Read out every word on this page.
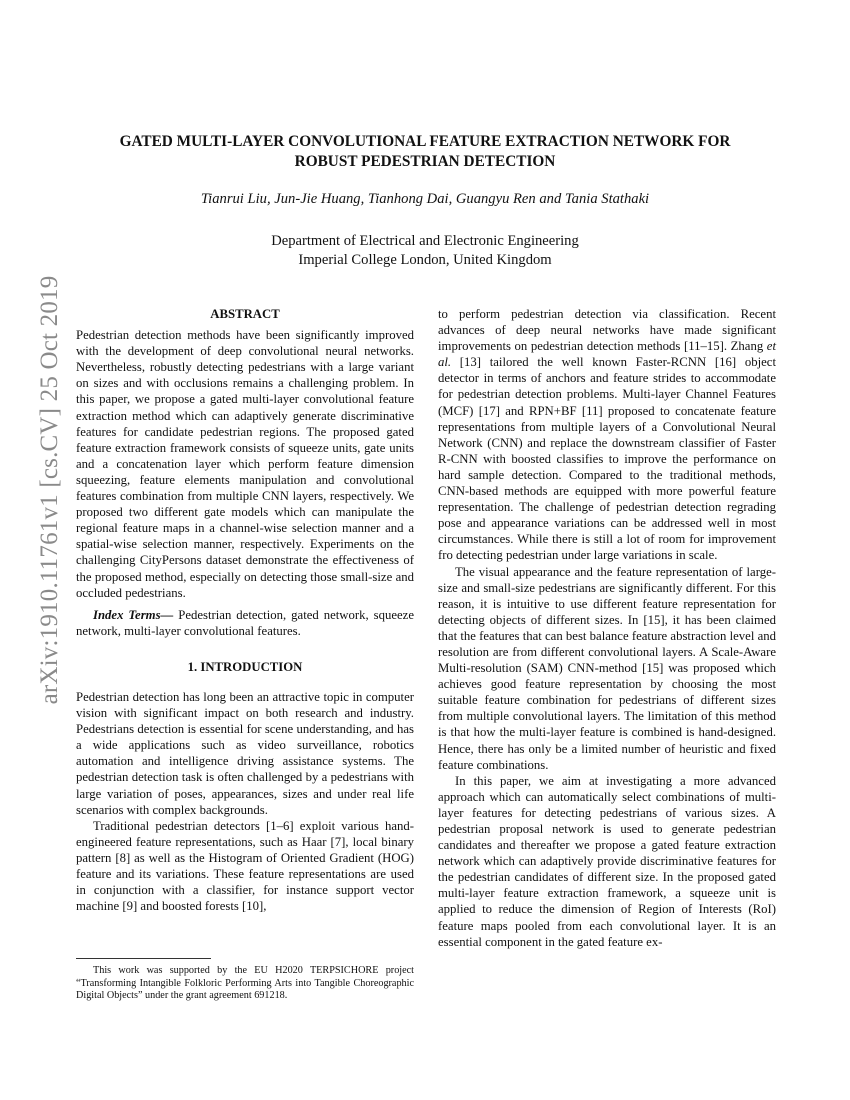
arXiv:1910.11761v1 [cs.CV] 25 Oct 2019
GATED MULTI-LAYER CONVOLUTIONAL FEATURE EXTRACTION NETWORK FOR
ROBUST PEDESTRIAN DETECTION

Tianrui Liu, Jun-Jie Huang, Tianhong Dai, Guangyu Ren and Tania Stathaki

Department of Electrical and Electronic Engineering
Imperial College London, United Kingdom

ABSTRACT

Pedestrian detection methods have been significantly improved with the development of deep convolutional neural networks. Nevertheless, robustly detecting pedestrians with a large variant on sizes and with occlusions remains a challenging problem. In this paper, we propose a gated multi-layer convolutional feature extraction method which can adaptively generate discriminative features for candidate pedestrian regions. The proposed gated feature extraction framework consists of squeeze units, gate units and a concatenation layer which perform feature dimension squeezing, feature elements manipulation and convolutional features combination from multiple CNN layers, respectively. We proposed two different gate models which can manipulate the regional feature maps in a channel-wise selection manner and a spatial-wise selection manner, respectively. Experiments on the challenging CityPersons dataset demonstrate the effectiveness of the proposed method, especially on detecting those small-size and occluded pedestrians.

Index Terms— Pedestrian detection, gated network, squeeze network, multi-layer convolutional features.

1. INTRODUCTION

Pedestrian detection has long been an attractive topic in computer vision with significant impact on both research and industry. Pedestrians detection is essential for scene understanding, and has a wide applications such as video surveillance, robotics automation and intelligence driving assistance systems. The pedestrian detection task is often challenged by a pedestrians with large variation of poses, appearances, sizes and under real life scenarios with complex backgrounds.

Traditional pedestrian detectors [1–6] exploit various hand-engineered feature representations, such as Haar [7], local binary pattern [8] as well as the Histogram of Oriented Gradient (HOG) feature and its variations. These feature representations are used in conjunction with a classifier, for instance support vector machine [9] and boosted forests [10],

to perform pedestrian detection via classification. Recent advances of deep neural networks have made significant improvements on pedestrian detection methods [11–15]. Zhang et al. [13] tailored the well known Faster-RCNN [16] object detector in terms of anchors and feature strides to accommodate for pedestrian detection problems. Multi-layer Channel Features (MCF) [17] and RPN+BF [11] proposed to concatenate feature representations from multiple layers of a Convolutional Neural Network (CNN) and replace the downstream classifier of Faster R-CNN with boosted classifies to improve the performance on hard sample detection. Compared to the traditional methods, CNN-based methods are equipped with more powerful feature representation. The challenge of pedestrian detection regrading pose and appearance variations can be addressed well in most circumstances. While there is still a lot of room for improvement fro detecting pedestrian under large variations in scale.

The visual appearance and the feature representation of large-size and small-size pedestrians are significantly different. For this reason, it is intuitive to use different feature representation for detecting objects of different sizes. In [15], it has been claimed that the features that can best balance feature abstraction level and resolution are from different convolutional layers. A Scale-Aware Multi-resolution (SAM) CNN-method [15] was proposed which achieves good feature representation by choosing the most suitable feature combination for pedestrians of different sizes from multiple convolutional layers. The limitation of this method is that how the multi-layer feature is combined is hand-designed. Hence, there has only be a limited number of heuristic and fixed feature combinations.

In this paper, we aim at investigating a more advanced approach which can automatically select combinations of multi-layer features for detecting pedestrians of various sizes. A pedestrian proposal network is used to generate pedestrian candidates and thereafter we propose a gated feature extraction network which can adaptively provide discriminative features for the pedestrian candidates of different size. In the proposed gated multi-layer feature extraction framework, a squeeze unit is applied to reduce the dimension of Region of Interests (RoI) feature maps pooled from each convolutional layer. It is an essential component in the gated feature ex-

This work was supported by the EU H2020 TERPSICHORE project “Transforming Intangible Folkloric Performing Arts into Tangible Choreographic Digital Objects” under the grant agreement 691218.
